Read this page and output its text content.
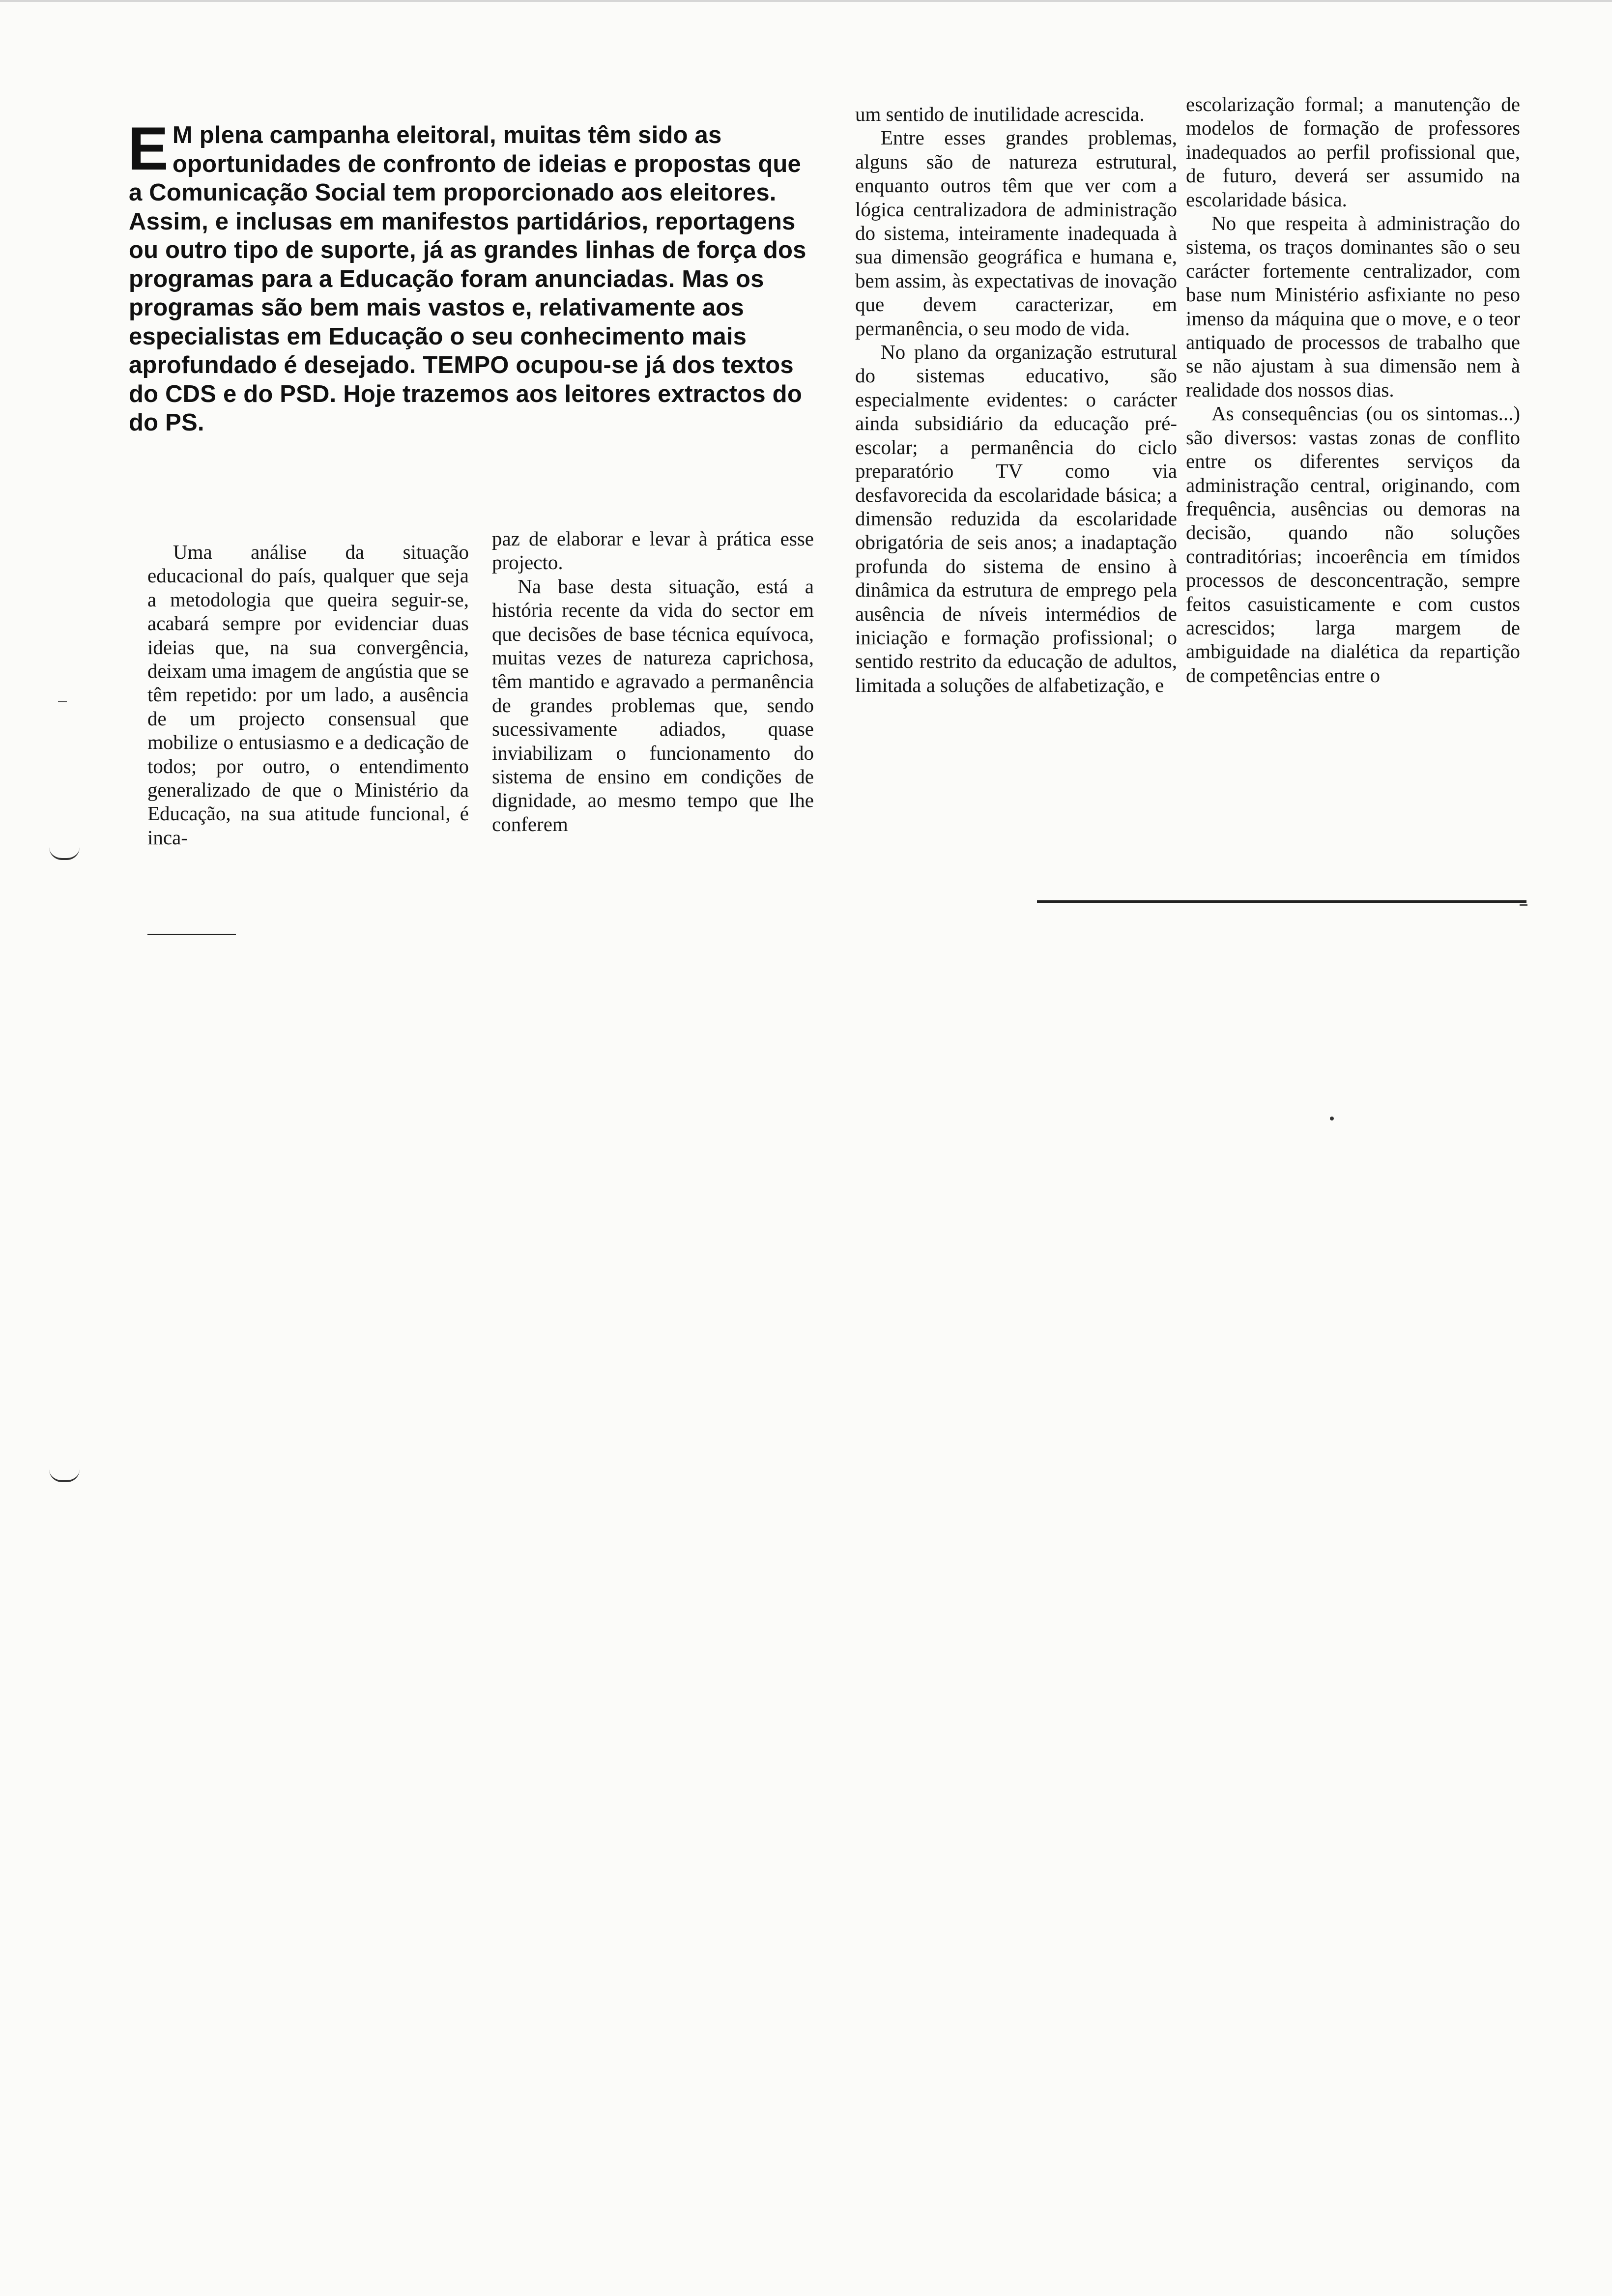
E M plena campanha eleitoral, muitas têm sido as oportunidades de confronto de ideias e propostas que a Comunicação Social tem proporcionado aos eleitores. Assim, e inclusas em manifestos partidários, reportagens ou outro tipo de suporte, já as grandes linhas de força dos programas para a Educação foram anunciadas. Mas os programas são bem mais vastos e, relativamente aos especialistas em Educação o seu conhecimento mais aprofundado é desejado. TEMPO ocupou-se já dos textos do CDS e do PSD. Hoje trazemos aos leitores extractos do do PS.

Uma análise da situação educacional do país, qualquer que seja a metodologia que queira seguir-se, acabará sempre por evidenciar duas ideias que, na sua convergência, deixam uma imagem de angústia que se têm repetido: por um lado, a ausência de um projecto consensual que mobilize o entusiasmo e a dedicação de todos; por outro, o entendimento generalizado de que o Ministério da Educação, na sua atitude funcional, é inca-

paz de elaborar e levar à prática esse projecto.

Na base desta situação, está a história recente da vida do sector em que decisões de base técnica equívoca, muitas vezes de natureza caprichosa, têm mantido e agravado a permanência de grandes problemas que, sendo sucessivamente adiados, quase inviabilizam o funcionamento do sistema de ensino em condições de dignidade, ao mesmo tempo que lhe conferem

um sentido de inutilidade acrescida.

Entre esses grandes problemas, alguns são de natureza estrutural, enquanto outros têm que ver com a lógica centralizadora de administração do sistema, inteiramente inadequada à sua dimensão geográfica e humana e, bem assim, às expectativas de inovação que devem caracterizar, em permanência, o seu modo de vida.

No plano da organização estrutural do sistemas educativo, são especialmente evidentes: o carácter ainda subsidiário da educação pré-escolar; a permanência do ciclo preparatório TV como via desfavorecida da escolaridade básica; a dimensão reduzida da escolaridade obrigatória de seis anos; a inadaptação profunda do sistema de ensino à dinâmica da estrutura de emprego pela ausência de níveis intermédios de iniciação e formação profissional; o sentido restrito da educação de adultos, limitada a soluções de alfabetização, e

escolarização formal; a manutenção de modelos de formação de professores inadequados ao perfil profissional que, de futuro, deverá ser assumido na escolaridade básica.

No que respeita à administração do sistema, os traços dominantes são o seu carácter fortemente centralizador, com base num Ministério asfixiante no peso imenso da máquina que o move, e o teor antiquado de processos de trabalho que se não ajustam à sua dimensão nem à realidade dos nossos dias.

As consequências (ou os sintomas...) são diversos: vastas zonas de conflito entre os diferentes serviços da administração central, originando, com frequência, ausências ou demoras na decisão, quando não soluções contraditórias; incoerência em tímidos processos de desconcentração, sempre feitos casuisticamente e com custos acrescidos; larga margem de ambiguidade na dialética da repartição de competências entre o
